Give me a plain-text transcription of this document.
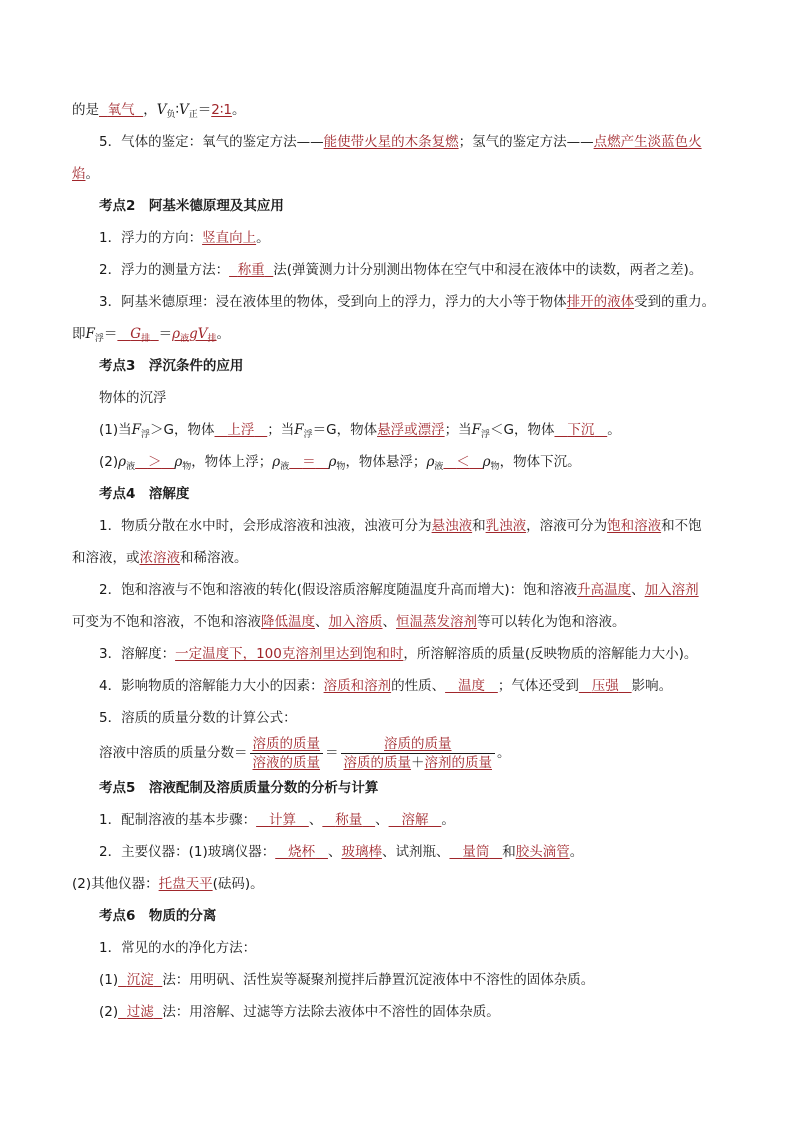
的是 氧气 ，$V_负∶V_正=2∶1$。
5．气体的鉴定：氧气的鉴定方法——能使带火星的木条复燃；氢气的鉴定方法——点燃产生淡蓝色火
焰。
考点2　阿基米德原理及其应用
1．浮力的方向：竖直向上。
2．浮力的测量方法： 称重 法(弹簧测力计分别测出物体在空气中和浸在液体中的读数，两者之差)。
3．阿基米德原理：浸在液体里的物体，受到向上的浮力，浮力的大小等于物体排开的液体受到的重力。
即$F_浮= G_排 =\rho_液gV_排$。
考点3　浮沉条件的应用
物体的沉浮
(1)当$F_浮>G$，物体 上浮 ；当$F_浮=G$，物体悬浮或漂浮；当$F_浮<G$，物体 下沉 。
$(2)\rho_液 > \rho_物$，物体上浮；$\rho_液 = \rho_物$，物体悬浮；$\rho_液 < \rho_物$，物体下沉。
考点4　溶解度
1．物质分散在水中时，会形成溶液和浊液，浊液可分为悬浊液和乳浊液，溶液可分为饱和溶液和不饱
和溶液，或浓溶液和稀溶液。
2．饱和溶液与不饱和溶液的转化(假设溶质溶解度随温度升高而增大)：饱和溶液升高温度、加入溶剂
可变为不饱和溶液，不饱和溶液降低温度、加入溶质、恒温蒸发溶剂等可以转化为饱和溶液。
3．溶解度：一定温度下，100克溶剂里达到饱和时，所溶解溶质的质量(反映物质的溶解能力大小)。
4．影响物质的溶解能力大小的因素：溶质和溶剂的性质、 温度 ；气体还受到 压强 影响。
5．溶质的质量分数的计算公式：
溶液中溶质的质量分数＝ $\frac{\text{溶质的质量}}{\text{溶液的质量}} = \frac{\text{溶质的质量}}{\text{溶质的质量＋溶剂的质量}}$ 。
考点5　溶液配制及溶质质量分数的分析与计算
1．配制溶液的基本步骤： 计算 、 称量 、 溶解 。
2．主要仪器：(1)玻璃仪器： 烧杯 、玻璃棒、试剂瓶、 量筒 和胶头滴管。
(2)其他仪器：托盘天平(砝码)。
考点6　物质的分离
1．常见的水的净化方法：
(1) 沉淀 法：用明矾、活性炭等凝聚剂搅拌后静置沉淀液体中不溶性的固体杂质。
(2) 过滤 法：用溶解、过滤等方法除去液体中不溶性的固体杂质。
